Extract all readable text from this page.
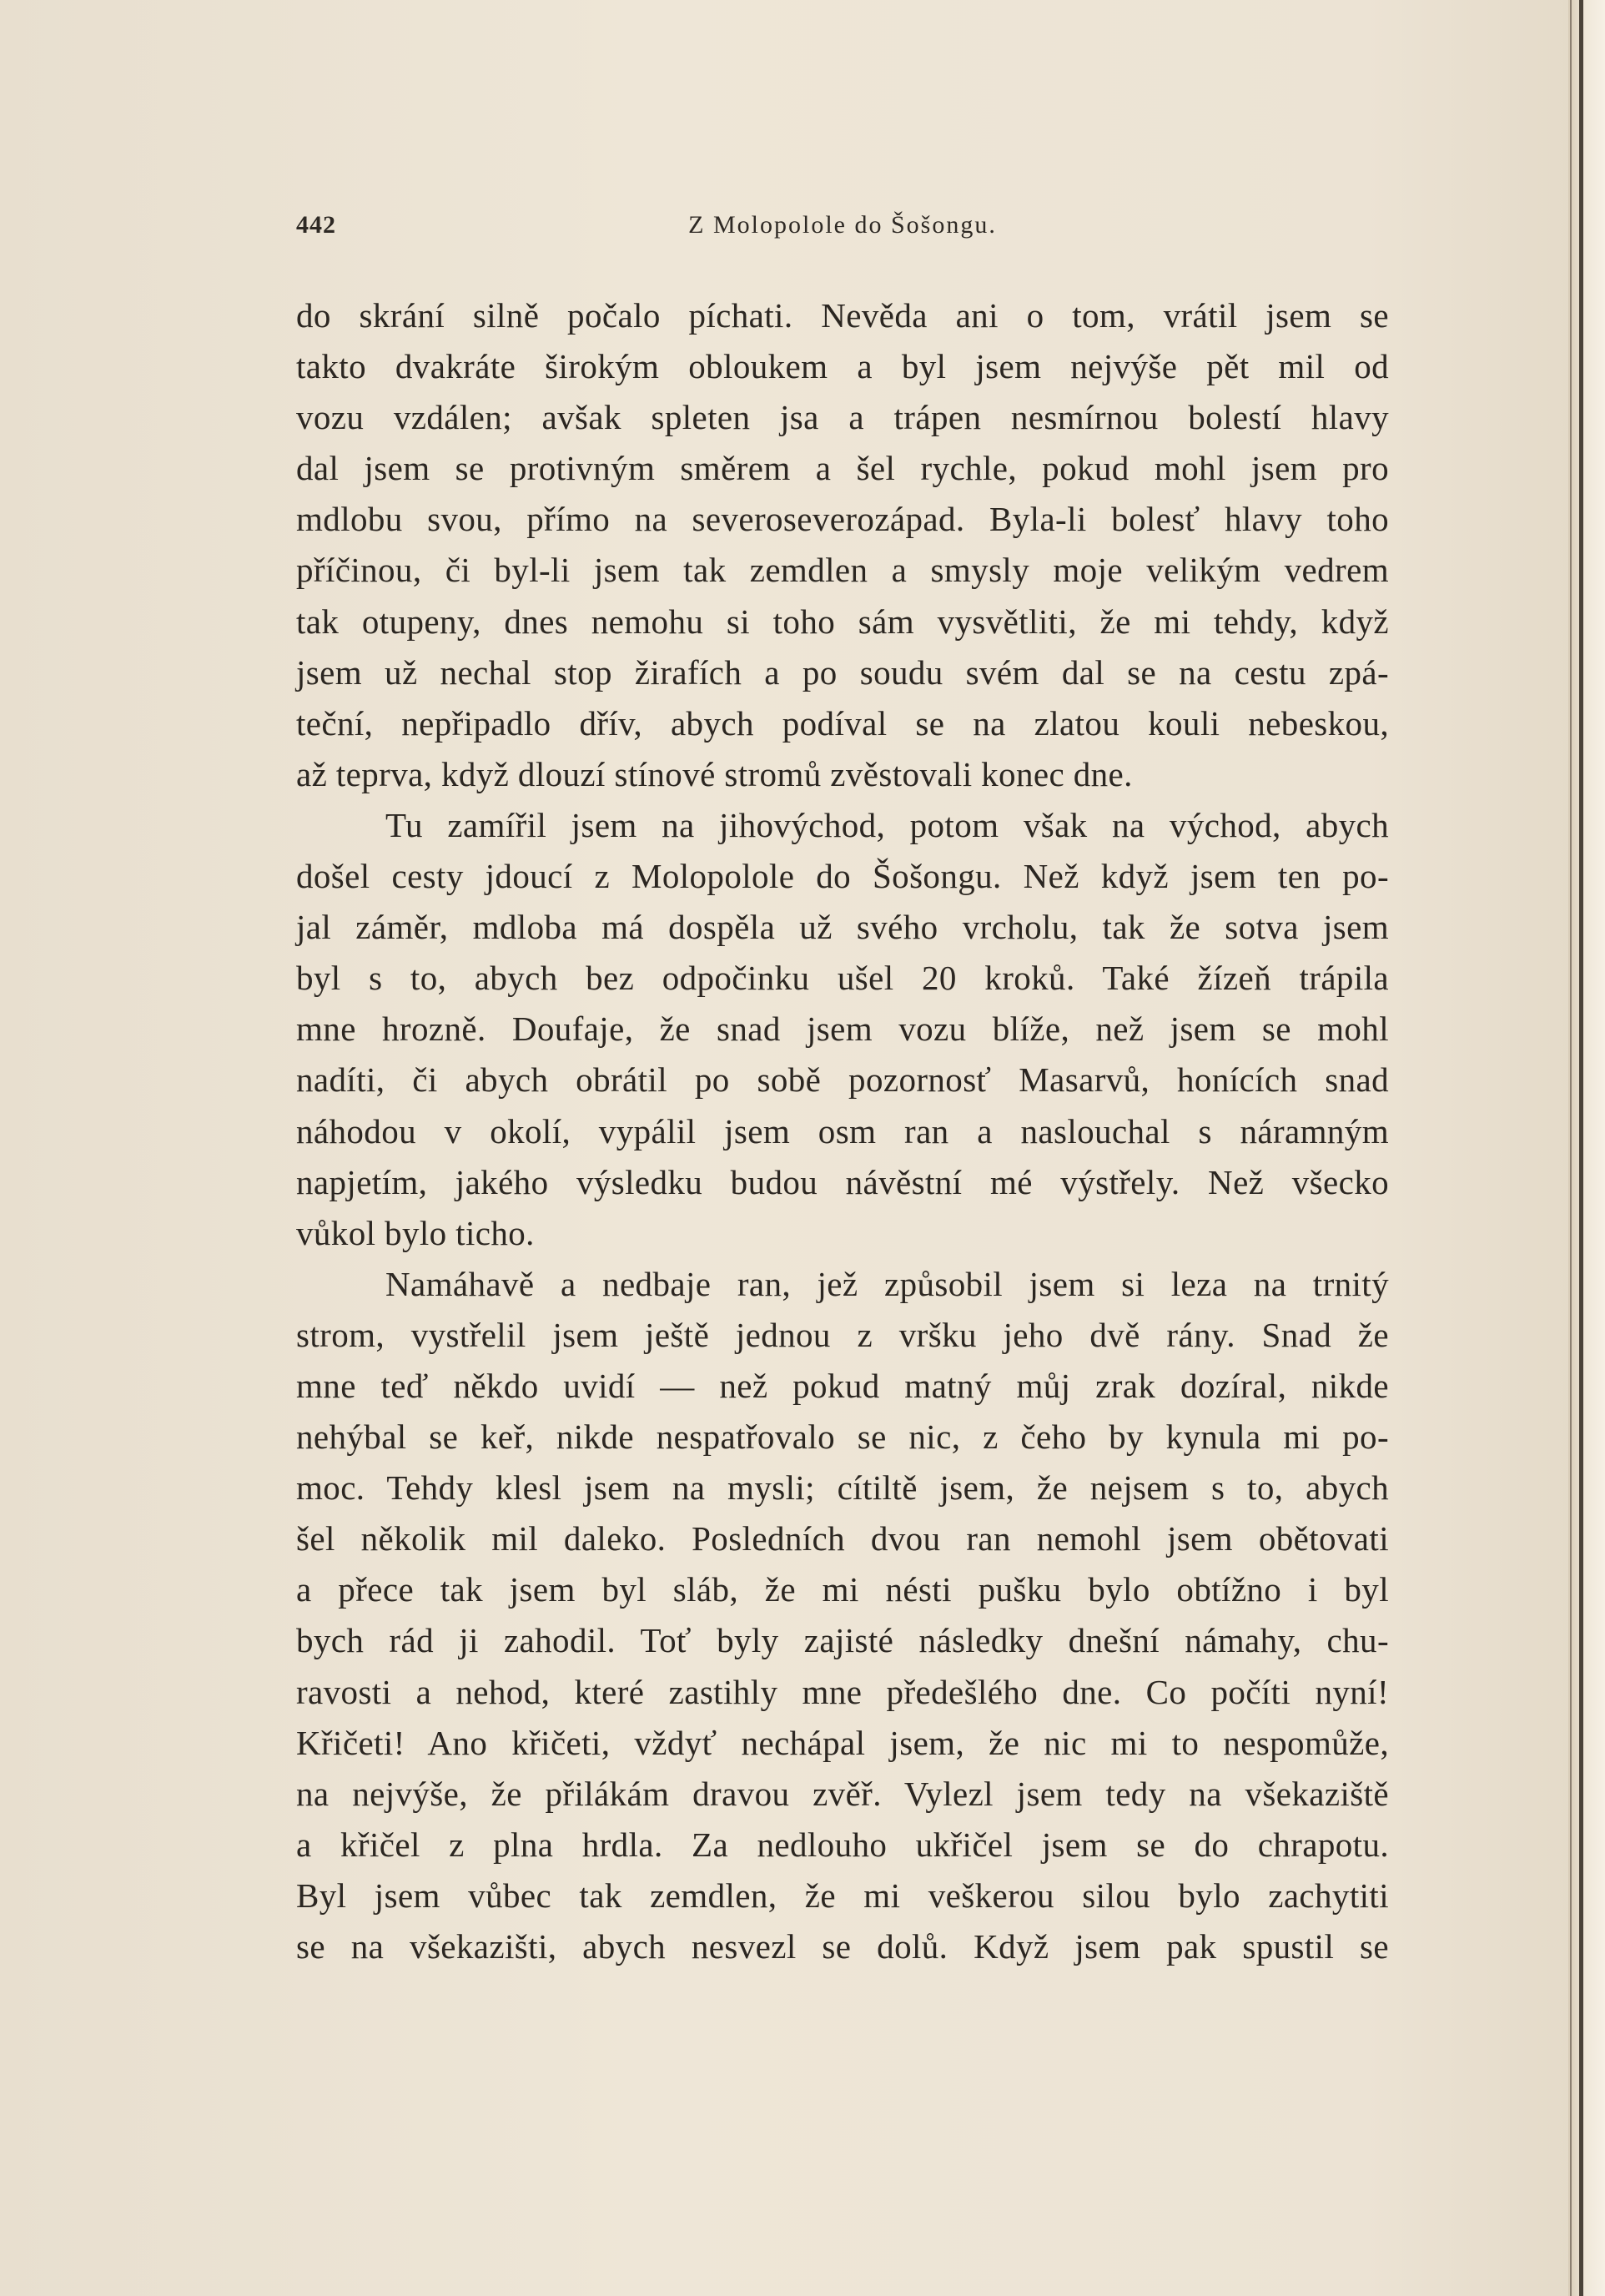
442	Z Molopolole do Šošongu.
do skrání silně počalo píchati. Nevěda ani o tom, vrátil jsem se
takto dvakráte širokým obloukem a byl jsem nejvýše pět mil od
vozu vzdálen; avšak spleten jsa a trápen nesmírnou bolestí hlavy
dal jsem se protivným směrem a šel rychle, pokud mohl jsem pro
mdlobu svou, přímo na severoseverozápad. Byla-li bolesť hlavy toho
příčinou, či byl-li jsem tak zemdlen a smysly moje velikým vedrem
tak otupeny, dnes nemohu si toho sám vysvětliti, že mi tehdy, když
jsem už nechal stop žirafích a po soudu svém dal se na cestu zpá-
teční, nepřipadlo dřív, abych podíval se na zlatou kouli nebeskou,
až teprva, když dlouzí stínové stromů zvěstovali konec dne.
Tu zamířil jsem na jihovýchod, potom však na východ, abych
došel cesty jdoucí z Molopolole do Šošongu. Než když jsem ten po-
jal záměr, mdloba má dospěla už svého vrcholu, tak že sotva jsem
byl s to, abych bez odpočinku ušel 20 kroků. Také žízeň trápila
mne hrozně. Doufaje, že snad jsem vozu blíže, než jsem se mohl
nadíti, či abych obrátil po sobě pozornosť Masarvů, honících snad
náhodou v okolí, vypálil jsem osm ran a naslouchal s náramným
napjetím, jakého výsledku budou návěstní mé výstřely. Než všecko
vůkol bylo ticho.
Namáhavě a nedbaje ran, jež způsobil jsem si leza na trnitý
strom, vystřelil jsem ještě jednou z vršku jeho dvě rány. Snad že
mne teď někdo uvidí — než pokud matný můj zrak dozíral, nikde
nehýbal se keř, nikde nespatřovalo se nic, z čeho by kynula mi po-
moc. Tehdy klesl jsem na mysli; cítiltě jsem, že nejsem s to, abych
šel několik mil daleko. Posledních dvou ran nemohl jsem obětovati
a přece tak jsem byl sláb, že mi nésti pušku bylo obtížno i byl
bych rád ji zahodil. Toť byly zajisté následky dnešní námahy, chu-
ravosti a nehod, které zastihly mne předešlého dne. Co počíti nyní!
Křičeti! Ano křičeti, vždyť nechápal jsem, že nic mi to nespomůže,
na nejvýše, že přilákám dravou zvěř. Vylezl jsem tedy na všekaziště
a křičel z plna hrdla. Za nedlouho ukřičel jsem se do chrapotu.
Byl jsem vůbec tak zemdlen, že mi veškerou silou bylo zachytiti
se na všekazišti, abych nesvezl se dolů. Když jsem pak spustil se
